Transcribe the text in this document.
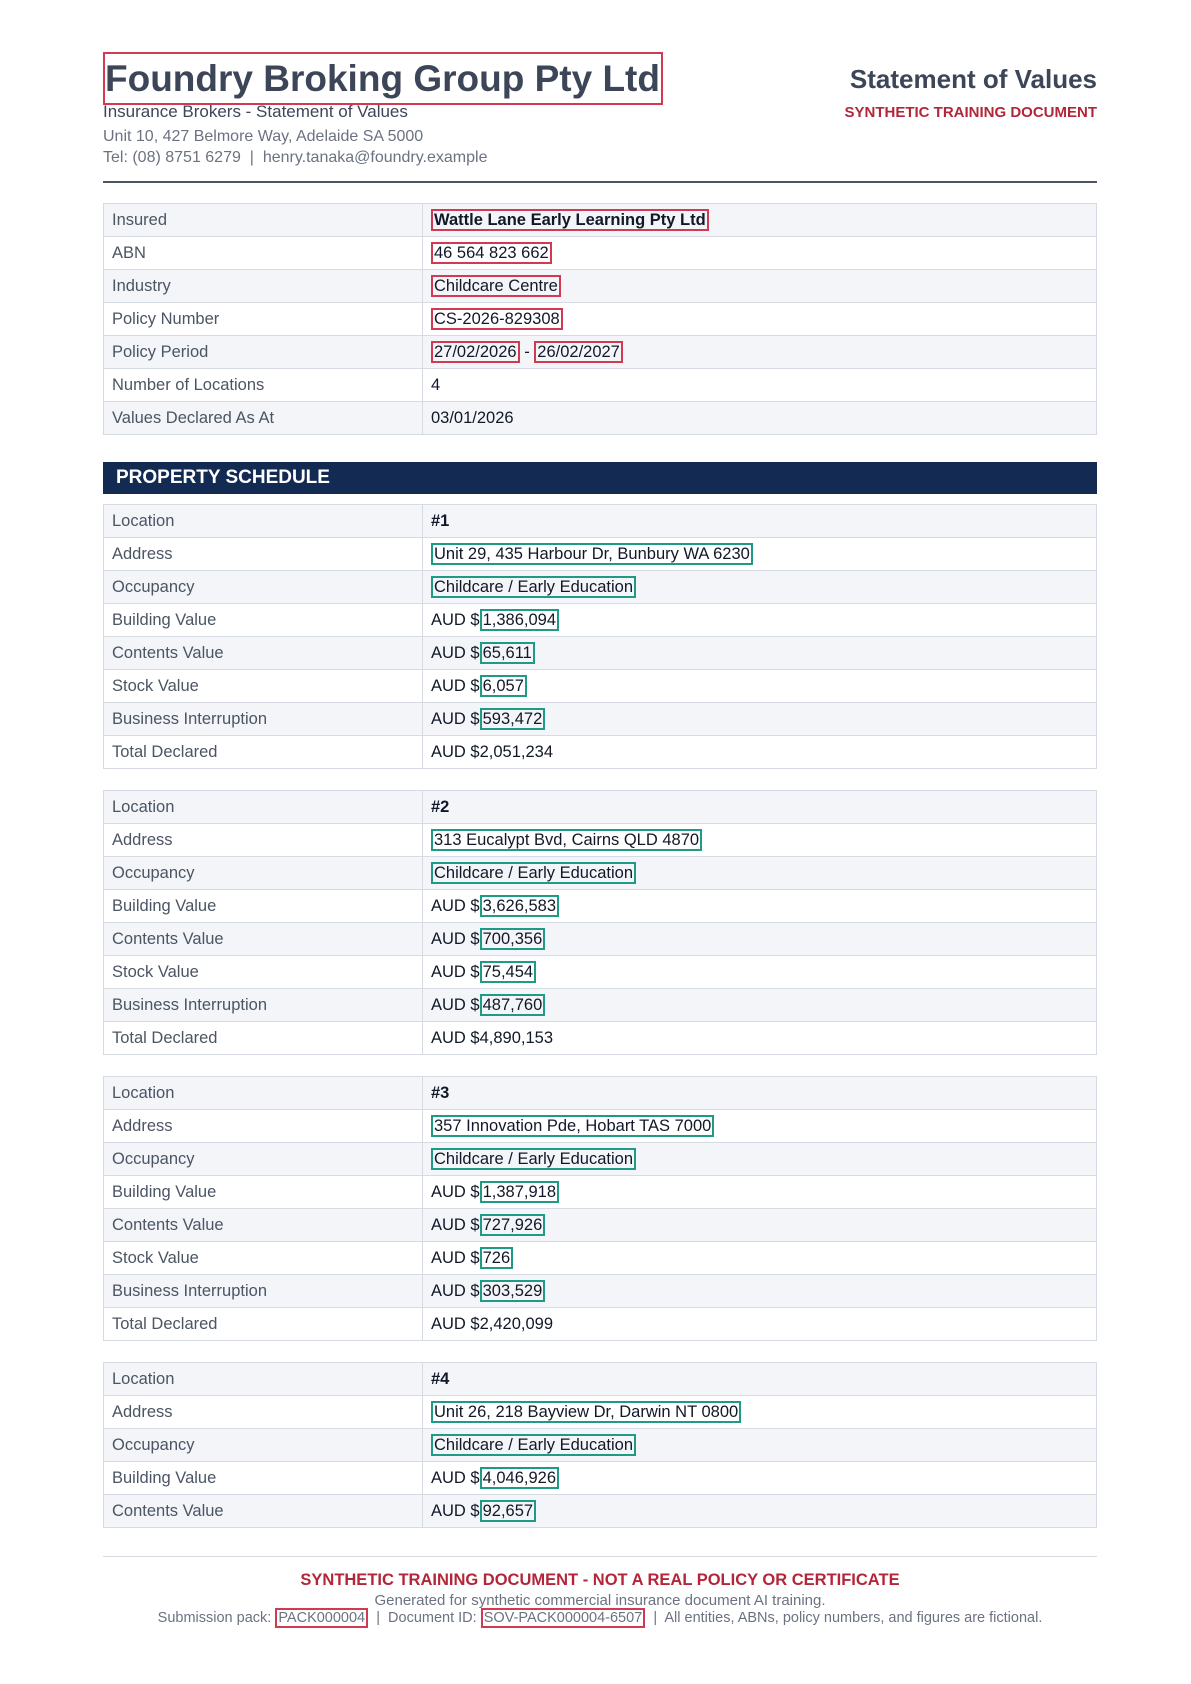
Foundry Broking Group Pty Ltd
Insurance Brokers - Statement of Values
Unit 10, 427 Belmore Way, Adelaide SA 5000
Tel: (08) 8751 6279 | henry.tanaka@foundry.example
Statement of Values
SYNTHETIC TRAINING DOCUMENT
Insured	Wattle Lane Early Learning Pty Ltd
ABN	46 564 823 662
Industry	Childcare Centre
Policy Number	CS-2026-829308
Policy Period	27/02/2026 - 26/02/2027
Number of Locations	4
Values Declared As At	03/01/2026
PROPERTY SCHEDULE
Location	#1
Address	Unit 29, 435 Harbour Dr, Bunbury WA 6230
Occupancy	Childcare / Early Education
Building Value	AUD $ 1,386,094
Contents Value	AUD $ 65,611
Stock Value	AUD $ 6,057
Business Interruption	AUD $ 593,472
Total Declared	AUD $2,051,234
Location	#2
Address	313 Eucalypt Bvd, Cairns QLD 4870
Occupancy	Childcare / Early Education
Building Value	AUD $ 3,626,583
Contents Value	AUD $ 700,356
Stock Value	AUD $ 75,454
Business Interruption	AUD $ 487,760
Total Declared	AUD $4,890,153
Location	#3
Address	357 Innovation Pde, Hobart TAS 7000
Occupancy	Childcare / Early Education
Building Value	AUD $ 1,387,918
Contents Value	AUD $ 727,926
Stock Value	AUD $ 726
Business Interruption	AUD $ 303,529
Total Declared	AUD $2,420,099
Location	#4
Address	Unit 26, 218 Bayview Dr, Darwin NT 0800
Occupancy	Childcare / Early Education
Building Value	AUD $ 4,046,926
Contents Value	AUD $ 92,657
SYNTHETIC TRAINING DOCUMENT - NOT A REAL POLICY OR CERTIFICATE
Generated for synthetic commercial insurance document AI training.
Submission pack: PACK000004 | Document ID: SOV-PACK000004-6507 | All entities, ABNs, policy numbers, and figures are fictional.
